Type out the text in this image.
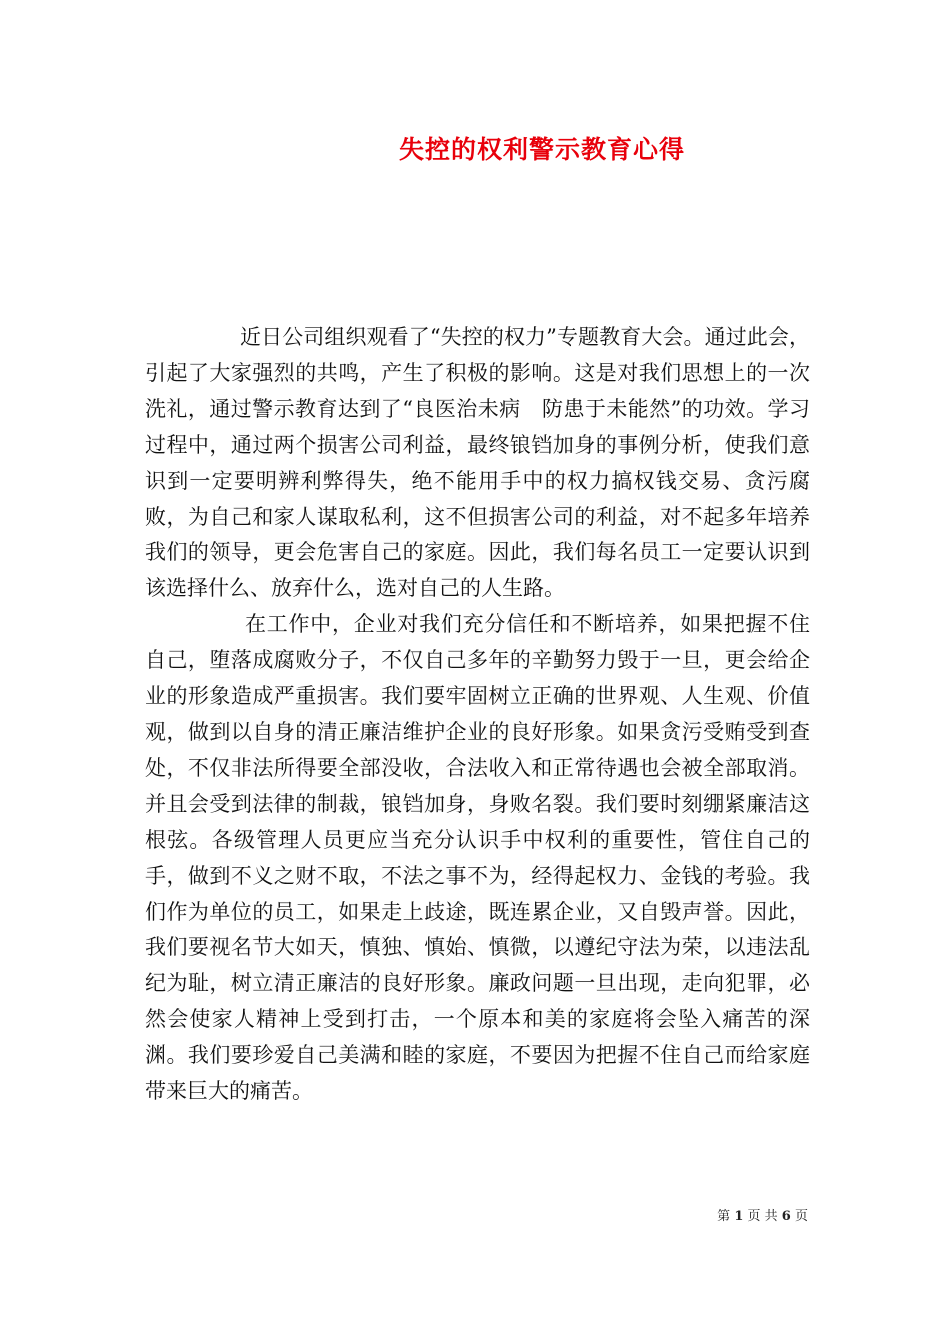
失控的权利警示教育心得

近日公司组织观看了“失控的权力”专题教育大会。通过此会，引起了大家强烈的共鸣，产生了积极的影响。这是对我们思想上的一次洗礼，通过警示教育达到了“良医治未病　防患于未能然”的功效。学习过程中，通过两个损害公司利益，最终锒铛加身的事例分析，使我们意识到一定要明辨利弊得失，绝不能用手中的权力搞权钱交易、贪污腐败，为自己和家人谋取私利，这不但损害公司的利益，对不起多年培养我们的领导，更会危害自己的家庭。因此，我们每名员工一定要认识到该选择什么、放弃什么，选对自己的人生路。

在工作中，企业对我们充分信任和不断培养，如果把握不住自己，堕落成腐败分子，不仅自己多年的辛勤努力毁于一旦，更会给企业的形象造成严重损害。我们要牢固树立正确的世界观、人生观、价值观，做到以自身的清正廉洁维护企业的良好形象。如果贪污受贿受到查处，不仅非法所得要全部没收，合法收入和正常待遇也会被全部取消。并且会受到法律的制裁，锒铛加身，身败名裂。我们要时刻绷紧廉洁这根弦。各级管理人员更应当充分认识手中权利的重要性，管住自己的手，做到不义之财不取，不法之事不为，经得起权力、金钱的考验。我们作为单位的员工，如果走上歧途，既连累企业，又自毁声誉。因此，我们要视名节大如天，慎独、慎始、慎微，以遵纪守法为荣，以违法乱纪为耻，树立清正廉洁的良好形象。廉政问题一旦出现，走向犯罪，必然会使家人精神上受到打击，一个原本和美的家庭将会坠入痛苦的深渊。我们要珍爱自己美满和睦的家庭，不要因为把握不住自己而给家庭带来巨大的痛苦。

第 1 页 共 6 页
